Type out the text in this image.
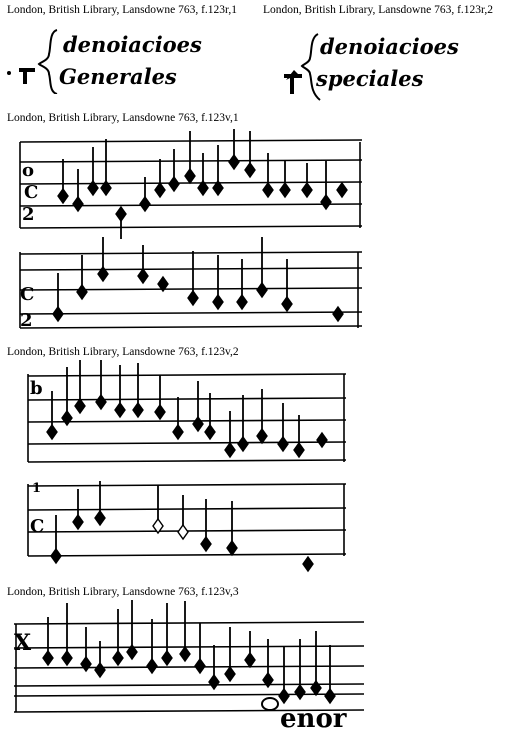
London, British Library, Lansdowne 763, f.123r,1 London, British Library, Lansdowne 763, f.123r,2
London, British Library, Lansdowne 763, f.123v,1
London, British Library, Lansdowne 763, f.123v,2
London, British Library, Lansdowne 763, f.123v,3
denoiacioes
Generales
denoiacioes
speciales
o
C
2
C
2
b
C
1
X
enor
